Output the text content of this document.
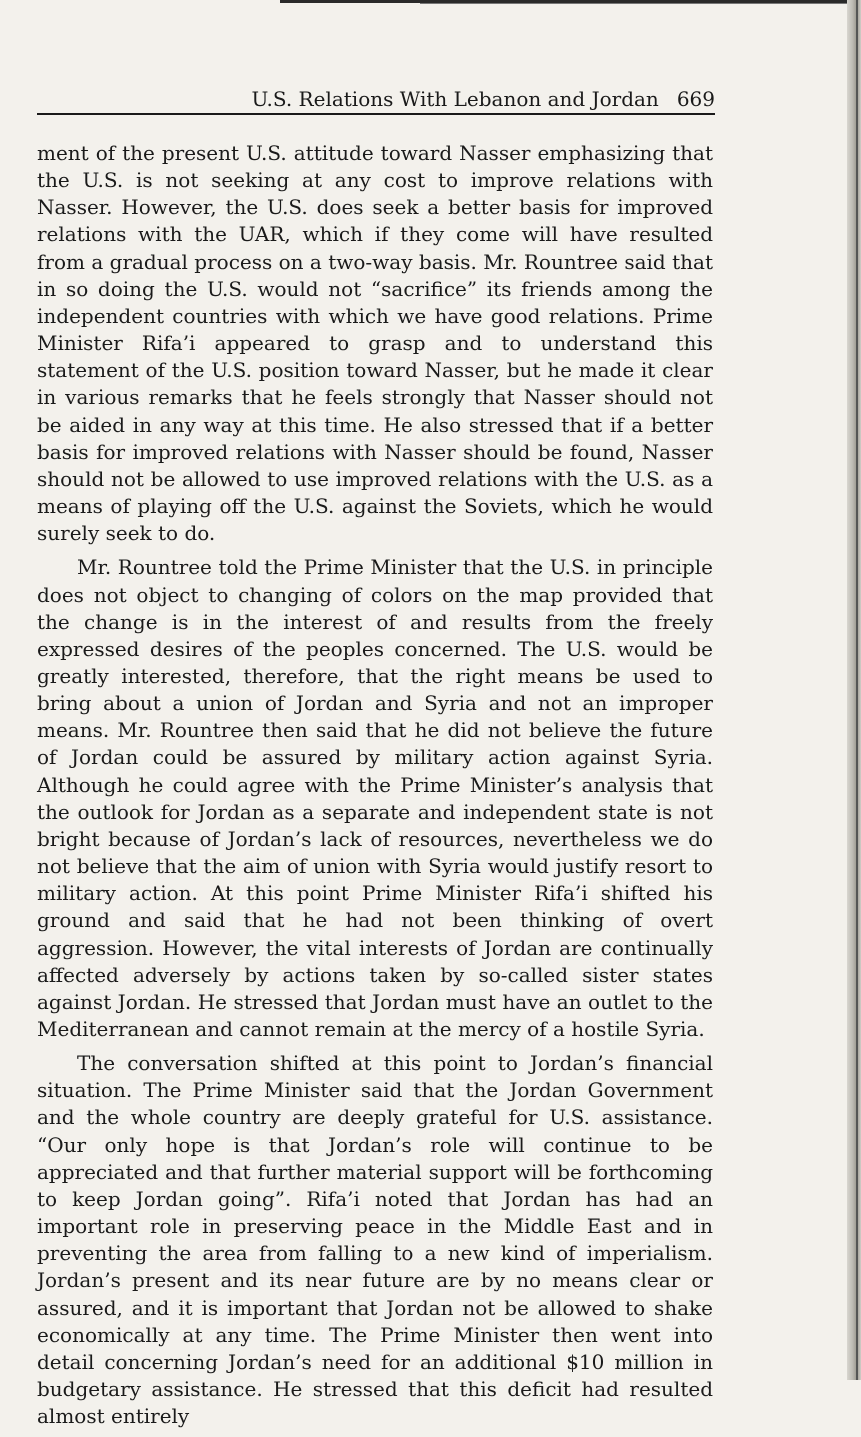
U.S. Relations With Lebanon and Jordan 669

ment of the present U.S. attitude toward Nasser emphasizing that the U.S. is not seeking at any cost to improve relations with Nasser. However, the U.S. does seek a better basis for improved relations with the UAR, which if they come will have resulted from a gradual process on a two-way basis. Mr. Rountree said that in so doing the U.S. would not “sacrifice” its friends among the independent countries with which we have good relations. Prime Minister Rifa’i appeared to grasp and to understand this statement of the U.S. position toward Nasser, but he made it clear in various remarks that he feels strongly that Nasser should not be aided in any way at this time. He also stressed that if a better basis for improved relations with Nasser should be found, Nasser should not be allowed to use improved relations with the U.S. as a means of playing off the U.S. against the Soviets, which he would surely seek to do.

Mr. Rountree told the Prime Minister that the U.S. in principle does not object to changing of colors on the map provided that the change is in the interest of and results from the freely expressed desires of the peoples concerned. The U.S. would be greatly interested, therefore, that the right means be used to bring about a union of Jordan and Syria and not an improper means. Mr. Rountree then said that he did not believe the future of Jordan could be assured by military action against Syria. Although he could agree with the Prime Minister’s analysis that the outlook for Jordan as a separate and independent state is not bright because of Jordan’s lack of resources, nevertheless we do not believe that the aim of union with Syria would justify resort to military action. At this point Prime Minister Rifa’i shifted his ground and said that he had not been thinking of overt aggression. However, the vital interests of Jordan are continually affected adversely by actions taken by so-called sister states against Jordan. He stressed that Jordan must have an outlet to the Mediterranean and cannot remain at the mercy of a hostile Syria.

The conversation shifted at this point to Jordan’s financial situation. The Prime Minister said that the Jordan Government and the whole country are deeply grateful for U.S. assistance. “Our only hope is that Jordan’s role will continue to be appreciated and that further material support will be forthcoming to keep Jordan going”. Rifa’i noted that Jordan has had an important role in preserving peace in the Middle East and in preventing the area from falling to a new kind of imperialism. Jordan’s present and its near future are by no means clear or assured, and it is important that Jordan not be allowed to shake economically at any time. The Prime Minister then went into detail concerning Jordan’s need for an additional $10 million in budgetary assistance. He stressed that this deficit had resulted almost entirely
